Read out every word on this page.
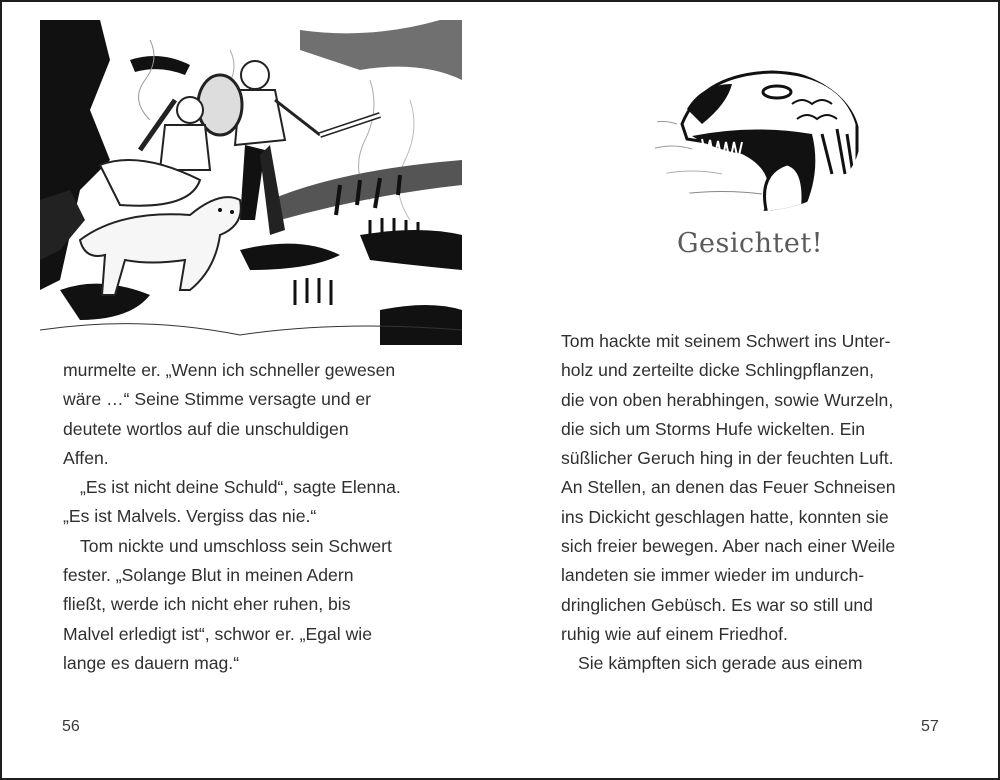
murmelte er. „Wenn ich schneller gewesen
wäre …“ Seine Stimme versagte und er
deutete wortlos auf die unschuldigen
Affen.
„Es ist nicht deine Schuld“, sagte Elenna.
„Es ist Malvels. Vergiss das nie.“
Tom nickte und umschloss sein Schwert
fester. „Solange Blut in meinen Adern
fließt, werde ich nicht eher ruhen, bis
Malvel erledigt ist“, schwor er. „Egal wie
lange es dauern mag.“
56
Gesichtet!
Tom hackte mit seinem Schwert ins Unter-
holz und zerteilte dicke Schlingpflanzen,
die von oben herabhingen, sowie Wurzeln,
die sich um Storms Hufe wickelten. Ein
süßlicher Geruch hing in der feuchten Luft.
An Stellen, an denen das Feuer Schneisen
ins Dickicht geschlagen hatte, konnten sie
sich freier bewegen. Aber nach einer Weile
landeten sie immer wieder im undurch-
dringlichen Gebüsch. Es war so still und
ruhig wie auf einem Friedhof.
Sie kämpften sich gerade aus einem
57
